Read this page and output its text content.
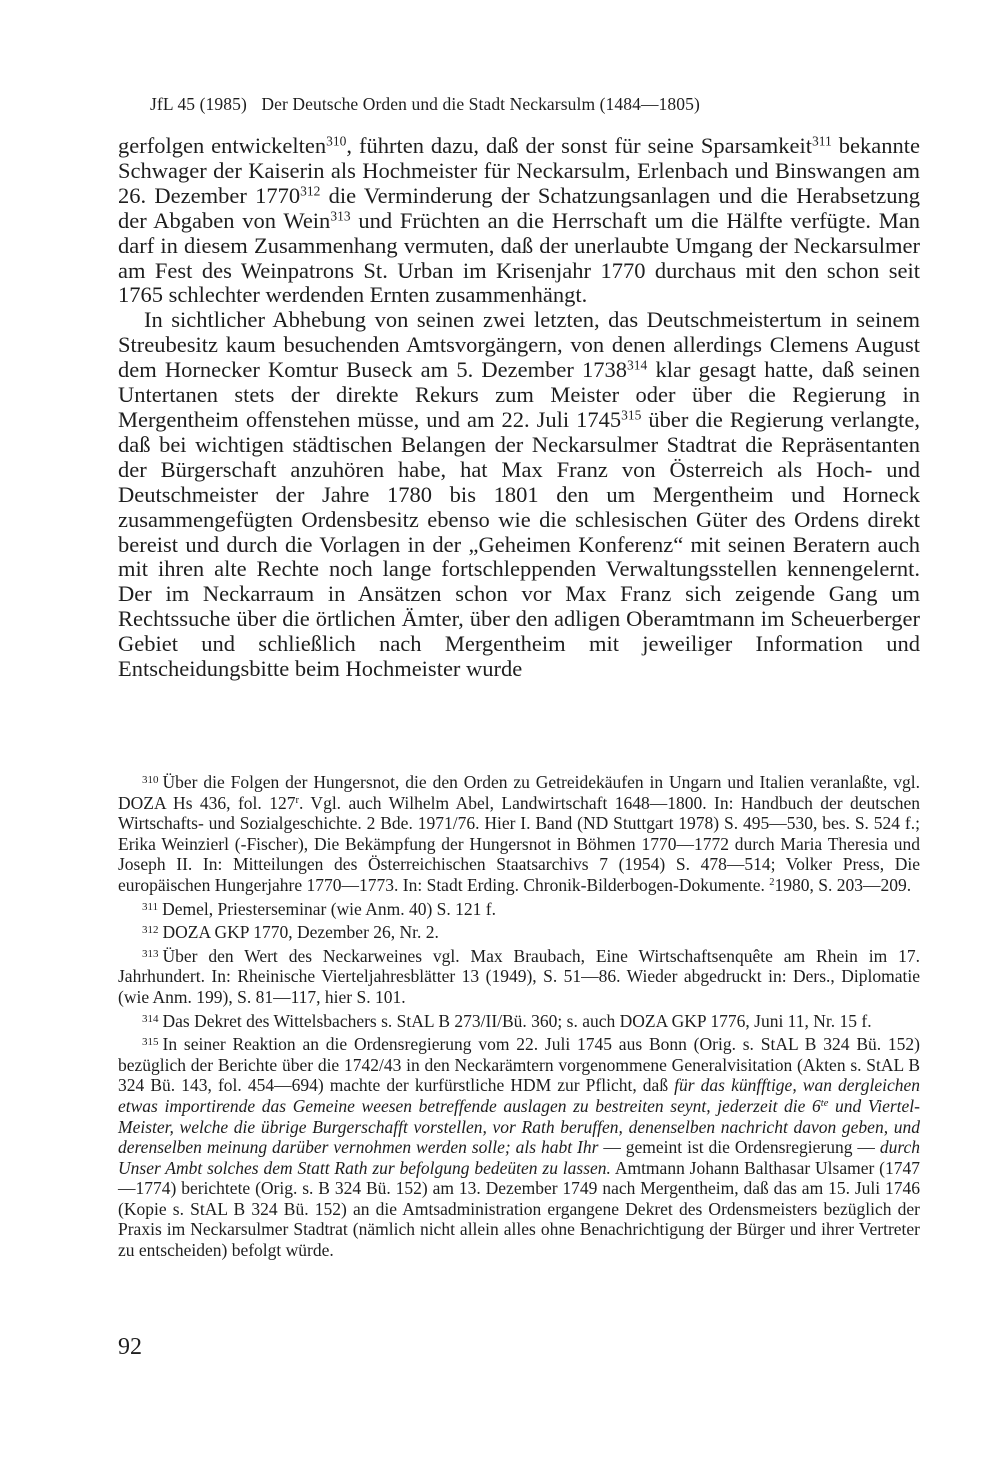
JfL 45 (1985) Der Deutsche Orden und die Stadt Neckarsulm (1484—1805)

gerfolgen entwickelten$^{310}$, führten dazu, daß der sonst für seine Sparsamkeit$^{311}$ bekannte Schwager der Kaiserin als Hochmeister für Neckarsulm, Erlenbach und Binswangen am 26. Dezember 1770$^{312}$ die Verminderung der Schatzungsanlagen und die Herabsetzung der Abgaben von Wein$^{313}$ und Früchten an die Herrschaft um die Hälfte verfügte. Man darf in diesem Zusammenhang vermuten, daß der unerlaubte Umgang der Neckarsulmer am Fest des Weinpatrons St. Urban im Krisenjahr 1770 durchaus mit den schon seit 1765 schlechter werdenden Ernten zusammenhängt.

In sichtlicher Abhebung von seinen zwei letzten, das Deutschmeistertum in seinem Streubesitz kaum besuchenden Amtsvorgängern, von denen allerdings Clemens August dem Hornecker Komtur Buseck am 5. Dezember 1738$^{314}$ klar gesagt hatte, daß seinen Untertanen stets der direkte Rekurs zum Meister oder über die Regierung in Mergentheim offenstehen müsse, und am 22. Juli 1745$^{315}$ über die Regierung verlangte, daß bei wichtigen städtischen Belangen der Neckarsulmer Stadtrat die Repräsentanten der Bürgerschaft anzuhören habe, hat Max Franz von Österreich als Hoch- und Deutschmeister der Jahre 1780 bis 1801 den um Mergentheim und Horneck zusammengefügten Ordensbesitz ebenso wie die schlesischen Güter des Ordens direkt bereist und durch die Vorlagen in der „Geheimen Konferenz“ mit seinen Beratern auch mit ihren alte Rechte noch lange fortschleppenden Verwaltungsstellen kennengelernt. Der im Neckarraum in Ansätzen schon vor Max Franz sich zeigende Gang um Rechtssuche über die örtlichen Ämter, über den adligen Oberamtmann im Scheuerberger Gebiet und schließlich nach Mergentheim mit jeweiliger Information und Entscheidungsbitte beim Hochmeister wurde

$^{310}$ Über die Folgen der Hungersnot, die den Orden zu Getreidekäufen in Ungarn und Italien veranlaßte, vgl. DOZA Hs 436, fol. 127$^r$. Vgl. auch Wilhelm Abel, Landwirtschaft 1648—1800. In: Handbuch der deutschen Wirtschafts- und Sozialgeschichte. 2 Bde. 1971/76. Hier I. Band (ND Stuttgart 1978) S. 495—530, bes. S. 524 f.; Erika Weinzierl (-Fischer), Die Bekämpfung der Hungersnot in Böhmen 1770—1772 durch Maria Theresia und Joseph II. In: Mitteilungen des Österreichischen Staatsarchivs 7 (1954) S. 478—514; Volker Press, Die europäischen Hungerjahre 1770—1773. In: Stadt Erding. Chronik-Bilderbogen-Dokumente. $^2$1980, S. 203—209.

$^{311}$ Demel, Priesterseminar (wie Anm. 40) S. 121 f.

$^{312}$ DOZA GKP 1770, Dezember 26, Nr. 2.

$^{313}$ Über den Wert des Neckarweines vgl. Max Braubach, Eine Wirtschaftsenquête am Rhein im 17. Jahrhundert. In: Rheinische Vierteljahresblätter 13 (1949), S. 51—86. Wieder abgedruckt in: Ders., Diplomatie (wie Anm. 199), S. 81—117, hier S. 101.

$^{314}$ Das Dekret des Wittelsbachers s. StAL B 273/II/Bü. 360; s. auch DOZA GKP 1776, Juni 11, Nr. 15 f.

$^{315}$ In seiner Reaktion an die Ordensregierung vom 22. Juli 1745 aus Bonn (Orig. s. StAL B 324 Bü. 152) bezüglich der Berichte über die 1742/43 in den Neckarämtern vorgenommene Generalvisitation (Akten s. StAL B 324 Bü. 143, fol. 454—694) machte der kurfürstliche HDM zur Pflicht, daß für das künfftige, wan dergleichen etwas importirende das Gemeine weesen betreffende auslagen zu bestreiten seynt, jederzeit die $6^{te}$ und Viertel-Meister, welche die übrige Burgerschafft vorstellen, vor Rath beruffen, denenselben nachricht davon geben, und derenselben meinung darüber vernohmen werden solle; als habt Ihr — gemeint ist die Ordensregierung — durch Unser Ambt solches dem Statt Rath zur befolgung bedeüten zu lassen. Amtmann Johann Balthasar Ulsamer (1747—1774) berichtete (Orig. s. B 324 Bü. 152) am 13. Dezember 1749 nach Mergentheim, daß das am 15. Juli 1746 (Kopie s. StAL B 324 Bü. 152) an die Amtsadministration ergangene Dekret des Ordensmeisters bezüglich der Praxis im Neckarsulmer Stadtrat (nämlich nicht allein alles ohne Benachrichtigung der Bürger und ihrer Vertreter zu entscheiden) befolgt würde.

92
